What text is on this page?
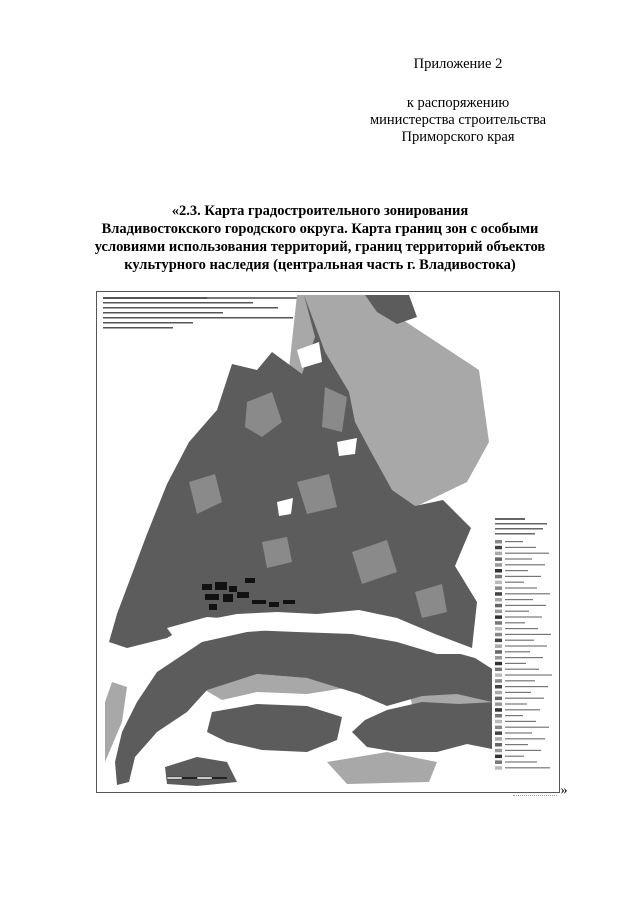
Приложение 2
к распоряжению
министерства строительства
Приморского края
«2.3. Карта градостроительного зонирования
Владивостокского городского округа. Карта границ зон с особыми
условиями использования территорий, границ территорий объектов
культурного наследия (центральная часть г. Владивостока)
»
